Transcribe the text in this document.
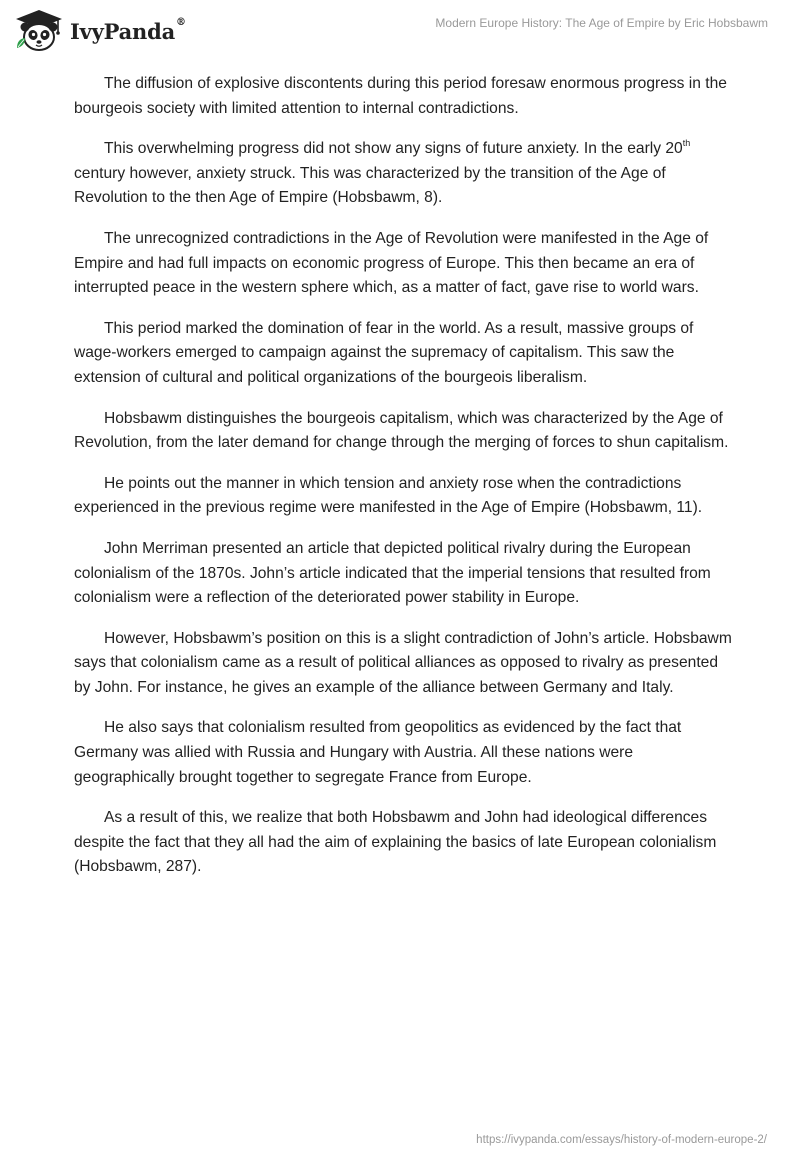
IvyPanda®	Modern Europe History: The Age of Empire by Eric Hobsbawm

The diffusion of explosive discontents during this period foresaw enormous progress in the bourgeois society with limited attention to internal contradictions.

This overwhelming progress did not show any signs of future anxiety. In the early 20th century however, anxiety struck. This was characterized by the transition of the Age of Revolution to the then Age of Empire (Hobsbawm, 8).

The unrecognized contradictions in the Age of Revolution were manifested in the Age of Empire and had full impacts on economic progress of Europe. This then became an era of interrupted peace in the western sphere which, as a matter of fact, gave rise to world wars.

This period marked the domination of fear in the world. As a result, massive groups of wage-workers emerged to campaign against the supremacy of capitalism. This saw the extension of cultural and political organizations of the bourgeois liberalism.

Hobsbawm distinguishes the bourgeois capitalism, which was characterized by the Age of Revolution, from the later demand for change through the merging of forces to shun capitalism.

He points out the manner in which tension and anxiety rose when the contradictions experienced in the previous regime were manifested in the Age of Empire (Hobsbawm, 11).

John Merriman presented an article that depicted political rivalry during the European colonialism of the 1870s. John’s article indicated that the imperial tensions that resulted from colonialism were a reflection of the deteriorated power stability in Europe.

However, Hobsbawm’s position on this is a slight contradiction of John’s article. Hobsbawm says that colonialism came as a result of political alliances as opposed to rivalry as presented by John. For instance, he gives an example of the alliance between Germany and Italy.

He also says that colonialism resulted from geopolitics as evidenced by the fact that Germany was allied with Russia and Hungary with Austria. All these nations were geographically brought together to segregate France from Europe.

As a result of this, we realize that both Hobsbawm and John had ideological differences despite the fact that they all had the aim of explaining the basics of late European colonialism (Hobsbawm, 287).

https://ivypanda.com/essays/history-of-modern-europe-2/
